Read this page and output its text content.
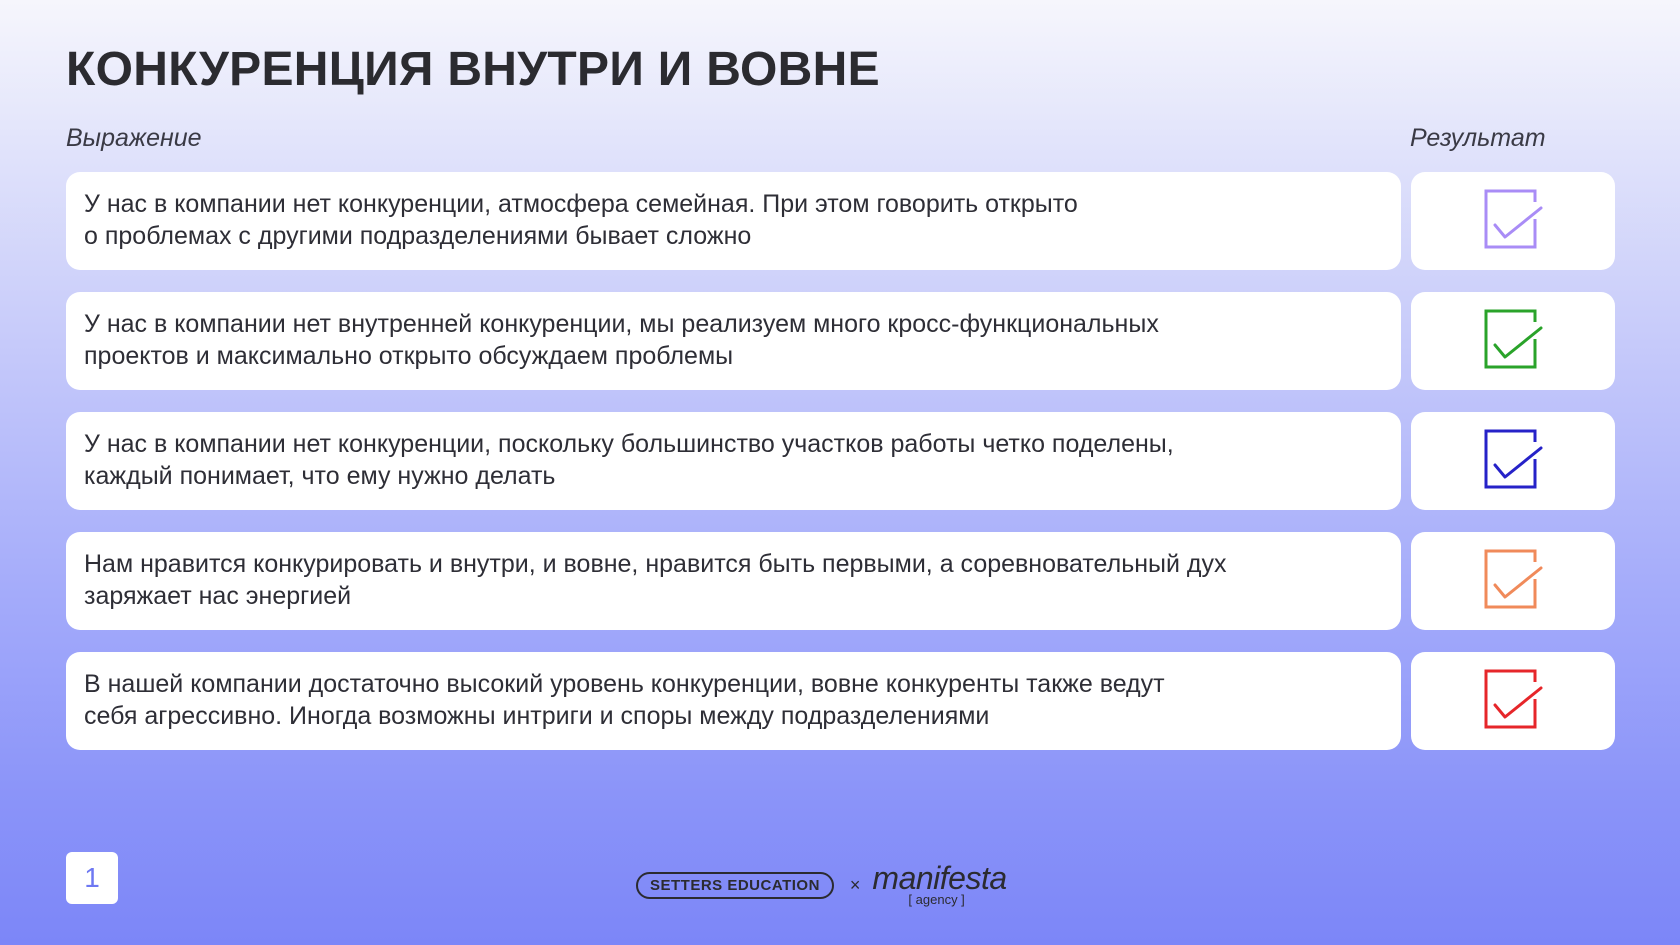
КОНКУРЕНЦИЯ ВНУТРИ И ВОВНЕ
Выражение	Результат
У нас в компании нет конкуренции, атмосфера семейная. При этом говорить открыто
о проблемах с другими подразделениями бывает сложно
У нас в компании нет внутренней конкуренции, мы реализуем много кросс-функциональных
проектов и максимально открыто обсуждаем проблемы
У нас в компании нет конкуренции, поскольку большинство участков работы четко поделены,
каждый понимает, что ему нужно делать
Нам нравится конкурировать и внутри, и вовне, нравится быть первыми, а соревновательный дух
заряжает нас энергией
В нашей компании достаточно высокий уровень конкуренции, вовне конкуренты также ведут
себя агрессивно. Иногда возможны интриги и споры между подразделениями
1	SETTERS EDUCATION	× manifesta
[ agency ]
